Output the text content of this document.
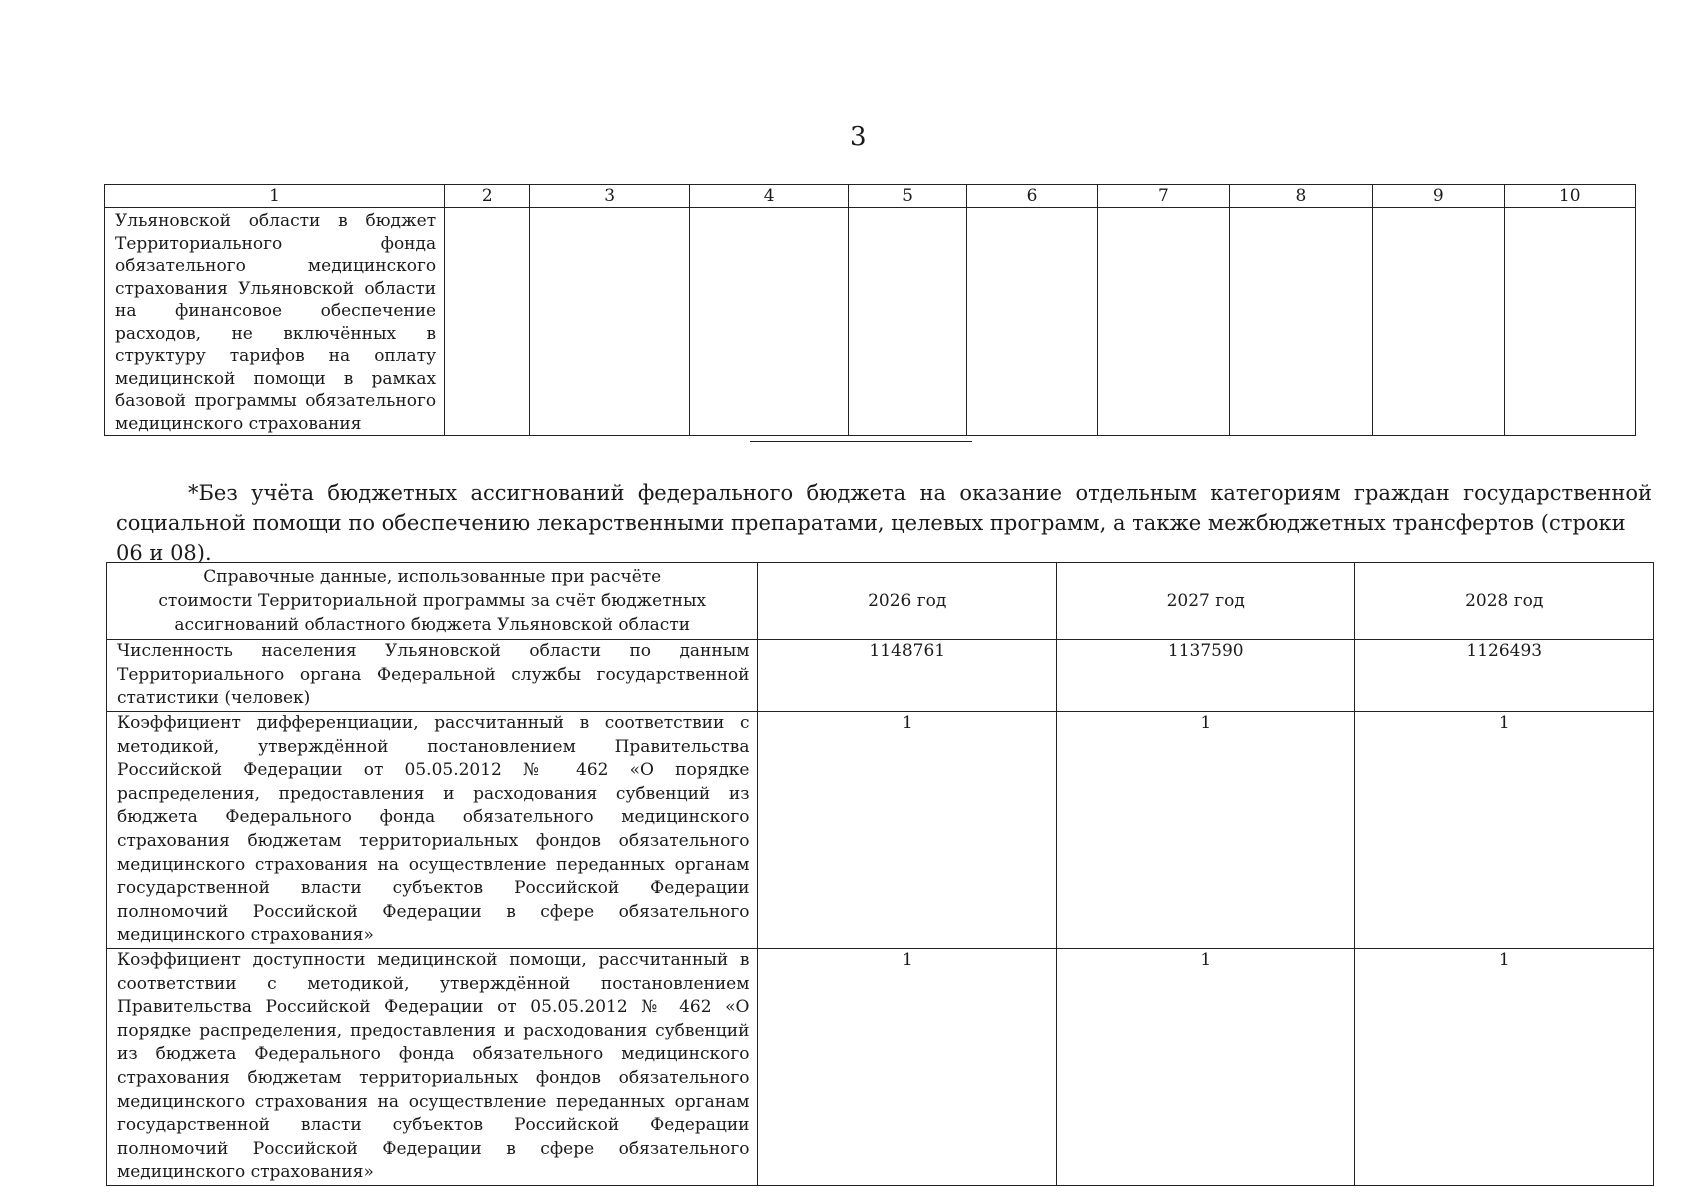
3
1	2	3	4	5	6	7	8	9	10
Ульяновской области в бюджет Территориального фонда обязательного медицинского страхования Ульяновской области на финансовое обеспечение расходов, не включённых в структуру тарифов на оплату медицинской помощи в рамках базовой программы обязательного медицинского страхования									
*Без учёта бюджетных ассигнований федерального бюджета на оказание отдельным категориям граждан государственной
социальной помощи по обеспечению лекарственными препаратами, целевых программ, а также межбюджетных трансфертов (строки 06 и 08).
Справочные данные, использованные при расчёте
стоимости Территориальной программы за счёт бюджетных
ассигнований областного бюджета Ульяновской области	2026 год	2027 год	2028 год
Численность населения Ульяновской области по данным Территориального органа Федеральной службы государственной статистики (человек)	1148761	1137590	1126493
Коэффициент дифференциации, рассчитанный в соответствии с методикой, утверждённой постановлением Правительства Российской Федерации от 05.05.2012 № 462 «О порядке распределения, предоставления и расходования субвенций из бюджета Федерального фонда обязательного медицинского страхования бюджетам территориальных фондов обязательного медицинского страхования на осуществление переданных органам государственной власти субъектов Российской Федерации полномочий Российской Федерации в сфере обязательного медицинского страхования»	1	1	1
Коэффициент доступности медицинской помощи, рассчитанный в соответствии с методикой, утверждённой постановлением Правительства Российской Федерации от 05.05.2012 № 462 «О порядке распределения, предоставления и расходования субвенций из бюджета Федерального фонда обязательного медицинского страхования бюджетам территориальных фондов обязательного медицинского страхования на осуществление переданных органам государственной власти субъектов Российской Федерации полномочий Российской Федерации в сфере обязательного медицинского страхования»	1	1	1
